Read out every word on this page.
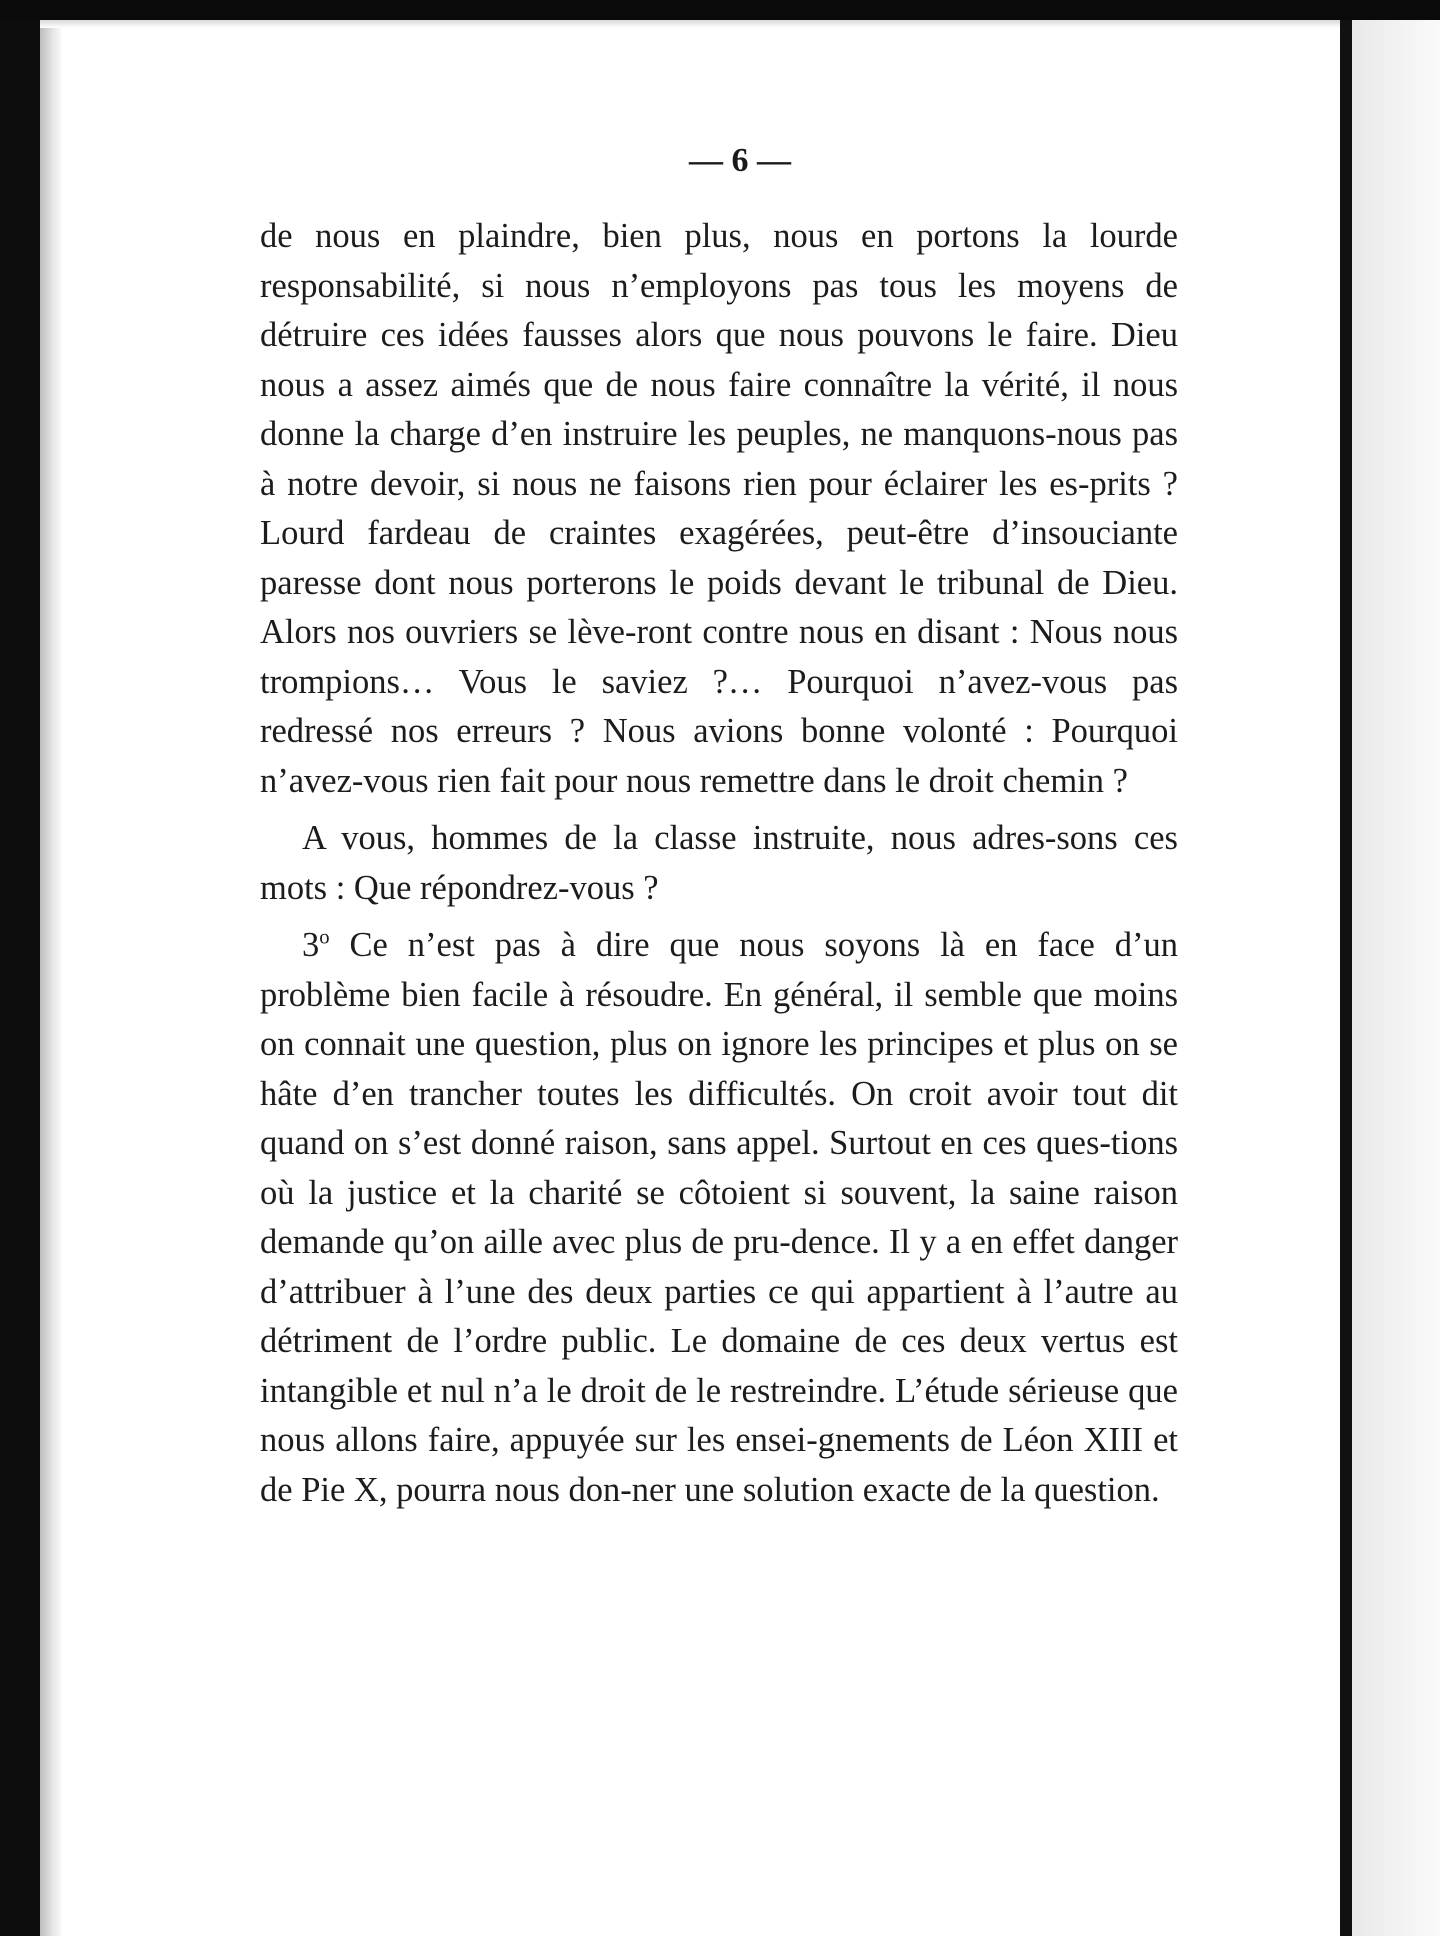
— 6 —

de nous en plaindre, bien plus, nous en portons la lourde responsabilité, si nous n’employons pas tous les moyens de détruire ces idées fausses alors que nous pouvons le faire. Dieu nous a assez aimés que de nous faire connaître la vérité, il nous donne la charge d’en instruire les peuples, ne manquons-nous pas à notre devoir, si nous ne faisons rien pour éclairer les es-prits ? Lourd fardeau de craintes exagérées, peut-être d’insouciante paresse dont nous porterons le poids devant le tribunal de Dieu. Alors nos ouvriers se lève-ront contre nous en disant : Nous nous trompions… Vous le saviez ?… Pourquoi n’avez-vous pas redressé nos erreurs ? Nous avions bonne volonté : Pourquoi n’avez-vous rien fait pour nous remettre dans le droit chemin ?

A vous, hommes de la classe instruite, nous adres-sons ces mots : Que répondrez-vous ?

3$^o$ Ce n’est pas à dire que nous soyons là en face d’un problème bien facile à résoudre. En général, il semble que moins on connait une question, plus on ignore les principes et plus on se hâte d’en trancher toutes les difficultés. On croit avoir tout dit quand on s’est donné raison, sans appel. Surtout en ces ques-tions où la justice et la charité se côtoient si souvent, la saine raison demande qu’on aille avec plus de pru-dence. Il y a en effet danger d’attribuer à l’une des deux parties ce qui appartient à l’autre au détriment de l’ordre public. Le domaine de ces deux vertus est intangible et nul n’a le droit de le restreindre. L’étude sérieuse que nous allons faire, appuyée sur les ensei-gnements de Léon XIII et de Pie X, pourra nous don-ner une solution exacte de la question.
